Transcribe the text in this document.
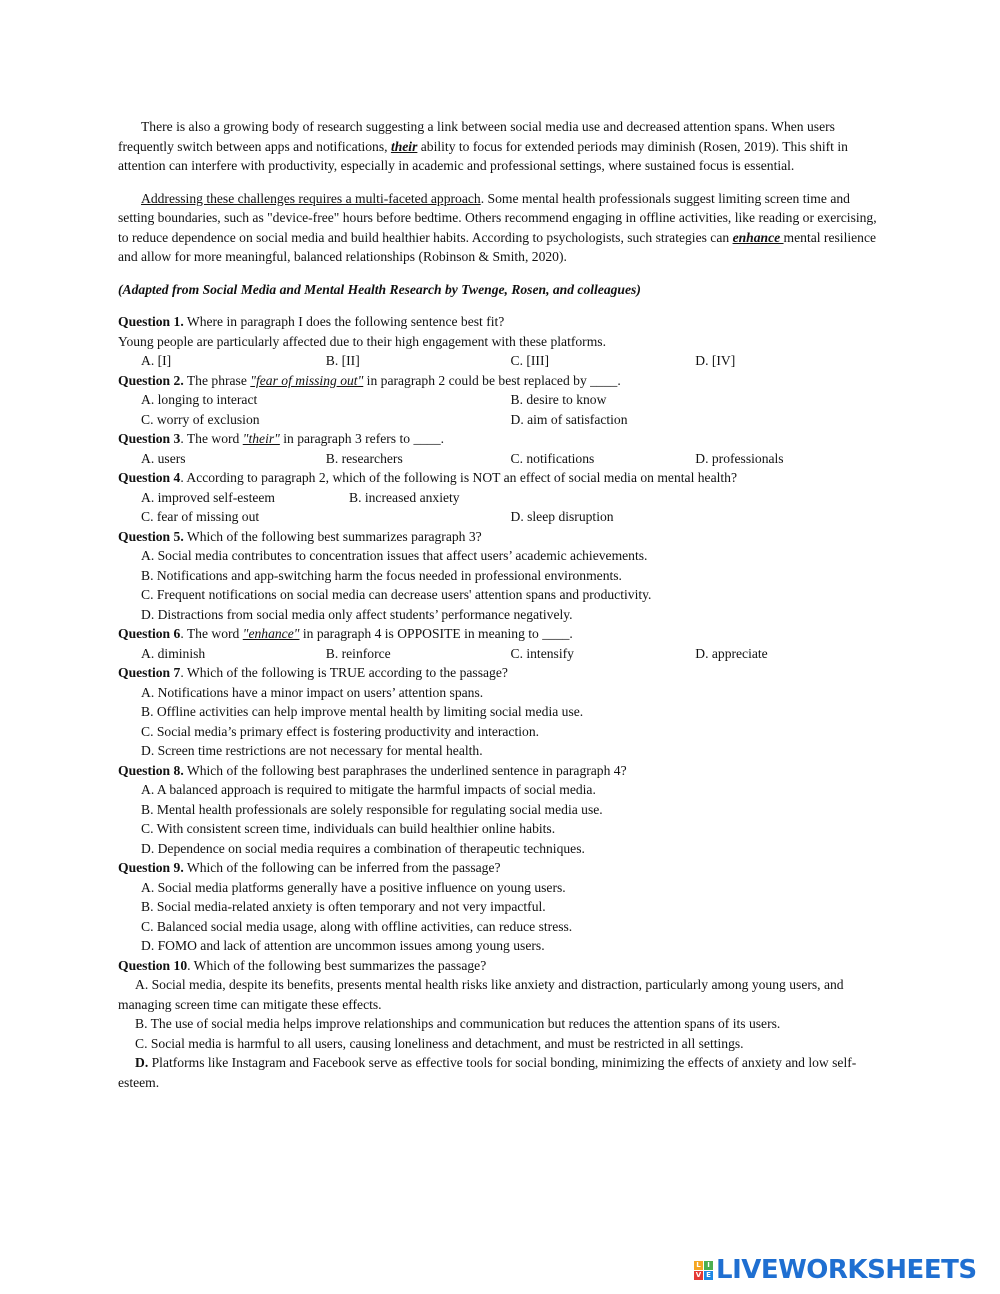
There is also a growing body of research suggesting a link between social media use and decreased attention spans. When users frequently switch between apps and notifications, their ability to focus for extended periods may diminish (Rosen, 2019). This shift in attention can interfere with productivity, especially in academic and professional settings, where sustained focus is essential.

Addressing these challenges requires a multi-faceted approach. Some mental health professionals suggest limiting screen time and setting boundaries, such as "device-free" hours before bedtime. Others recommend engaging in offline activities, like reading or exercising, to reduce dependence on social media and build healthier habits. According to psychologists, such strategies can enhance mental resilience and allow for more meaningful, balanced relationships (Robinson & Smith, 2020).

(Adapted from Social Media and Mental Health Research by Twenge, Rosen, and colleagues)

Question 1. Where in paragraph I does the following sentence best fit?

Young people are particularly affected due to their high engagement with these platforms.

A. [I]	B. [II]	C. [III]	D. [IV]

Question 2. The phrase "fear of missing out" in paragraph 2 could be best replaced by ____.

A. longing to interact	B. desire to know
C. worry of exclusion	D. aim of satisfaction

Question 3. The word "their" in paragraph 3 refers to ____.

A. users	B. researchers	C. notifications	D. professionals

Question 4. According to paragraph 2, which of the following is NOT an effect of social media on mental health?

A. improved self-esteem	B. increased anxiety
C. fear of missing out	D. sleep disruption

Question 5. Which of the following best summarizes paragraph 3?

A. Social media contributes to concentration issues that affect users’ academic achievements.

B. Notifications and app-switching harm the focus needed in professional environments.

C. Frequent notifications on social media can decrease users' attention spans and productivity.

D. Distractions from social media only affect students’ performance negatively.

Question 6. The word "enhance" in paragraph 4 is OPPOSITE in meaning to ____.

A. diminish	B. reinforce	C. intensify	D. appreciate

Question 7. Which of the following is TRUE according to the passage?

A. Notifications have a minor impact on users’ attention spans.

B. Offline activities can help improve mental health by limiting social media use.

C. Social media’s primary effect is fostering productivity and interaction.

D. Screen time restrictions are not necessary for mental health.

Question 8. Which of the following best paraphrases the underlined sentence in paragraph 4?

A. A balanced approach is required to mitigate the harmful impacts of social media.

B. Mental health professionals are solely responsible for regulating social media use.

C. With consistent screen time, individuals can build healthier online habits.

D. Dependence on social media requires a combination of therapeutic techniques.

Question 9. Which of the following can be inferred from the passage?

A. Social media platforms generally have a positive influence on young users.

B. Social media-related anxiety is often temporary and not very impactful.

C. Balanced social media usage, along with offline activities, can reduce stress.

D. FOMO and lack of attention are uncommon issues among young users.

Question 10. Which of the following best summarizes the passage?

A. Social media, despite its benefits, presents mental health risks like anxiety and distraction, particularly among young users, and managing screen time can mitigate these effects.

B. The use of social media helps improve relationships and communication but reduces the attention spans of its users.

C. Social media is harmful to all users, causing loneliness and detachment, and must be restricted in all settings.

D. Platforms like Instagram and Facebook serve as effective tools for social bonding, minimizing the effects of anxiety and low self-esteem.

L I
V E LIVEWORKSHEETS
